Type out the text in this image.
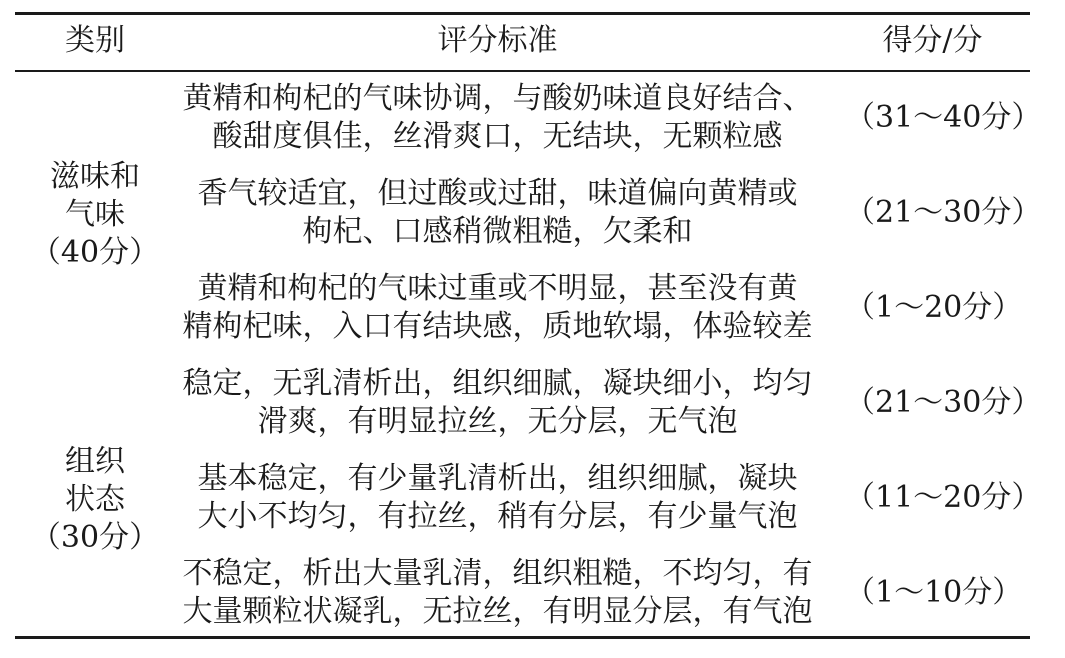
类别	评分标准	得分/分
滋味和
气味
（40分）
黄精和枸杞的气味协调，与酸奶味道良好结合、
酸甜度俱佳，丝滑爽口，无结块，无颗粒感
（31～40分）
香气较适宜，但过酸或过甜，味道偏向黄精或
枸杞、口感稍微粗糙，欠柔和
（21～30分）
黄精和枸杞的气味过重或不明显，甚至没有黄
精枸杞味，入口有结块感，质地软塌，体验较差
（1～20分）
组织
状态
（30分）
稳定，无乳清析出，组织细腻，凝块细小，均匀
滑爽，有明显拉丝，无分层，无气泡
（21～30分）
基本稳定，有少量乳清析出，组织细腻，凝块
大小不均匀，有拉丝，稍有分层，有少量气泡
（11～20分）
不稳定，析出大量乳清，组织粗糙，不均匀，有
大量颗粒状凝乳，无拉丝，有明显分层，有气泡
（1～10分）
